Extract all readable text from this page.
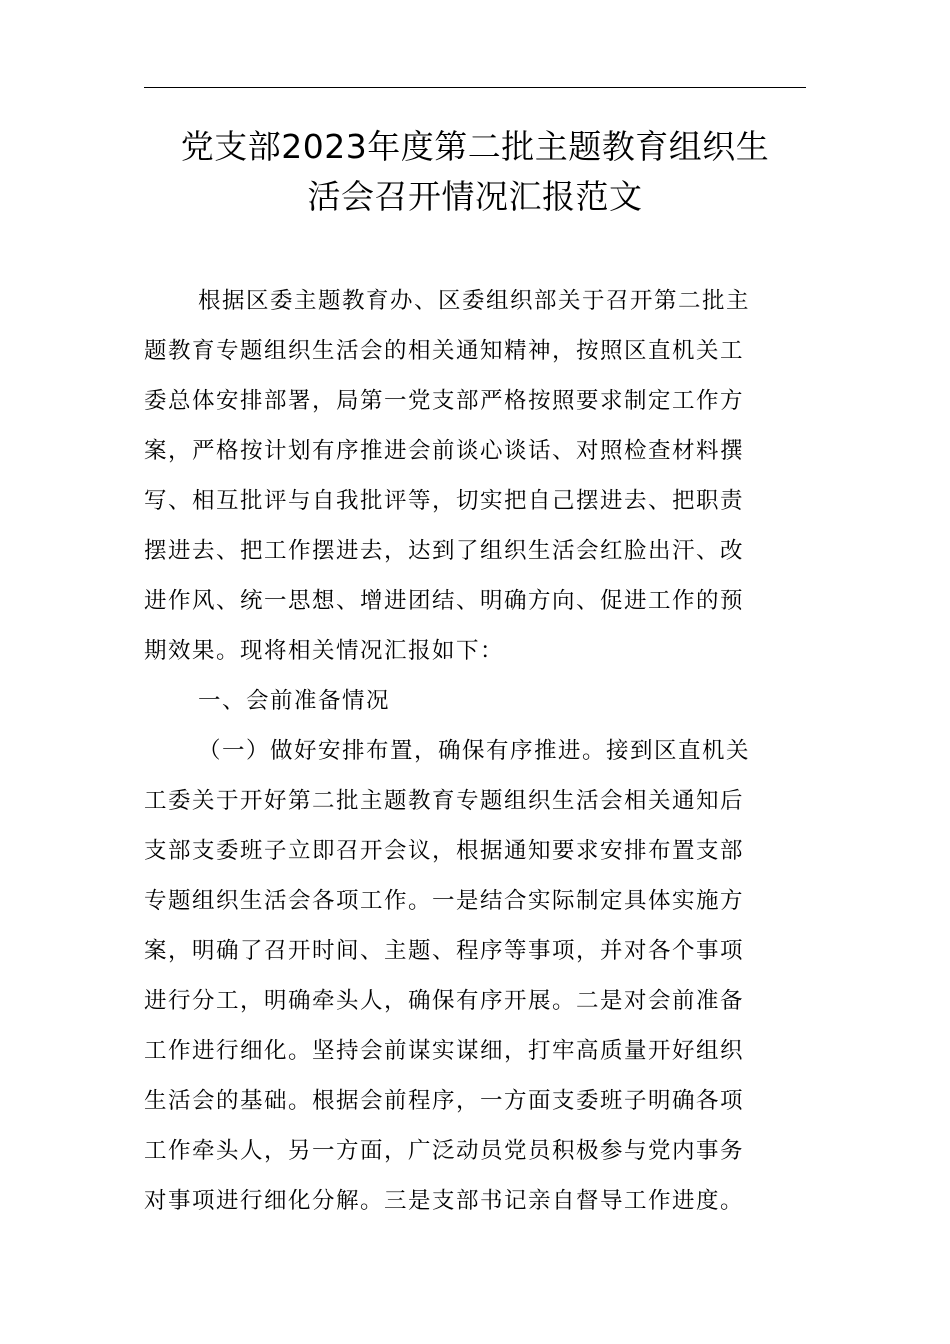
党支部2023年度第二批主题教育组织生
活会召开情况汇报范文

根据区委主题教育办、区委组织部关于召开第二批主
题教育专题组织生活会的相关通知精神，按照区直机关工
委总体安排部署，局第一党支部严格按照要求制定工作方
案，严格按计划有序推进会前谈心谈话、对照检查材料撰
写、相互批评与自我批评等，切实把自己摆进去、把职责
摆进去、把工作摆进去，达到了组织生活会红脸出汗、改
进作风、统一思想、增进团结、明确方向、促进工作的预
期效果。现将相关情况汇报如下：

一、会前准备情况

（一）做好安排布置，确保有序推进。接到区直机关
工委关于开好第二批主题教育专题组织生活会相关通知后
支部支委班子立即召开会议，根据通知要求安排布置支部
专题组织生活会各项工作。一是结合实际制定具体实施方
案，明确了召开时间、主题、程序等事项，并对各个事项
进行分工，明确牵头人，确保有序开展。二是对会前准备
工作进行细化。坚持会前谋实谋细，打牢高质量开好组织
生活会的基础。根据会前程序，一方面支委班子明确各项
工作牵头人，另一方面，广泛动员党员积极参与党内事务
对事项进行细化分解。三是支部书记亲自督导工作进度。
